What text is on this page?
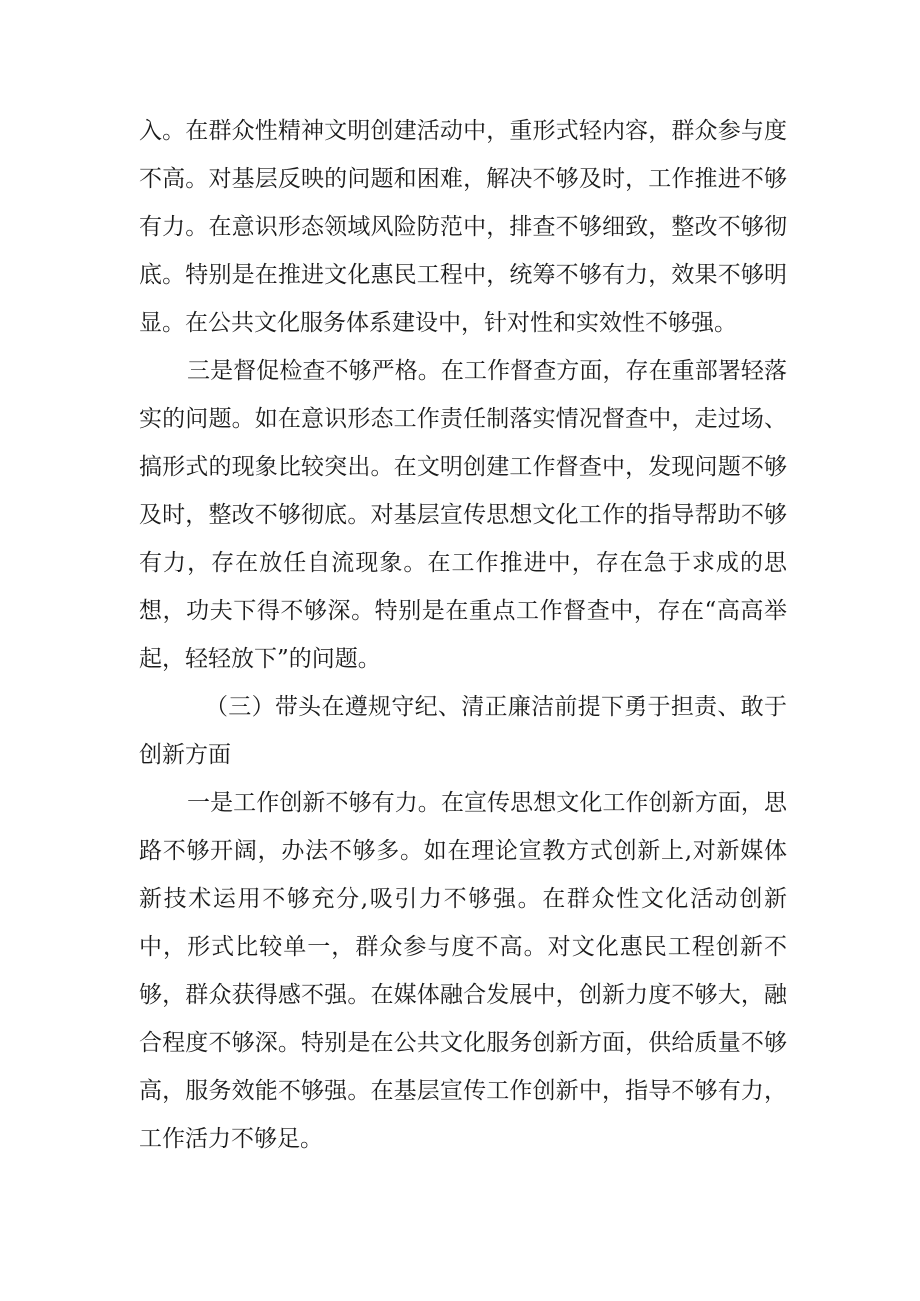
入。在群众性精神文明创建活动中，重形式轻内容，群众参与度不高。对基层反映的问题和困难，解决不够及时，工作推进不够有力。在意识形态领域风险防范中，排查不够细致，整改不够彻底。特别是在推进文化惠民工程中，统筹不够有力，效果不够明显。在公共文化服务体系建设中，针对性和实效性不够强。

三是督促检查不够严格。在工作督查方面，存在重部署轻落实的问题。如在意识形态工作责任制落实情况督查中，走过场、搞形式的现象比较突出。在文明创建工作督查中，发现问题不够及时，整改不够彻底。对基层宣传思想文化工作的指导帮助不够有力，存在放任自流现象。在工作推进中，存在急于求成的思想，功夫下得不够深。特别是在重点工作督查中，存在“高高举起，轻轻放下”的问题。

（三）带头在遵规守纪、清正廉洁前提下勇于担责、敢于创新方面

一是工作创新不够有力。在宣传思想文化工作创新方面，思路不够开阔，办法不够多。如在理论宣教方式创新上,对新媒体新技术运用不够充分,吸引力不够强。在群众性文化活动创新中，形式比较单一，群众参与度不高。对文化惠民工程创新不够，群众获得感不强。在媒体融合发展中，创新力度不够大，融合程度不够深。特别是在公共文化服务创新方面，供给质量不够高，服务效能不够强。在基层宣传工作创新中，指导不够有力，工作活力不够足。
